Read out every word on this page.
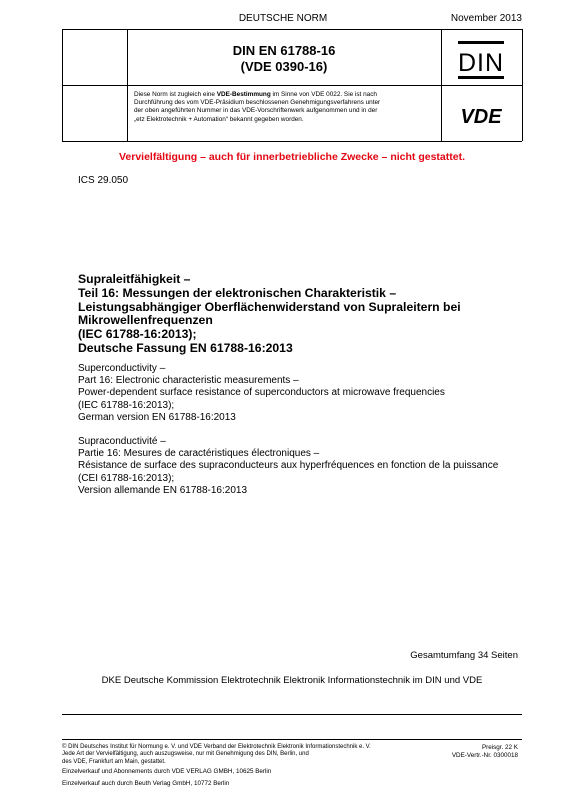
DEUTSCHE NORM	November 2013
DIN EN 61788-16
(VDE 0390-16)	DIN
VDE
Diese Norm ist zugleich eine VDE-Bestimmung im Sinne von VDE 0022. Sie ist nach
Durchführung des vom VDE-Präsidium beschlossenen Genehmigungsverfahrens unter
der oben angeführten Nummer in das VDE-Vorschriftenwerk aufgenommen und in der
„etz Elektrotechnik + Automation“ bekannt gegeben worden.
Vervielfältigung – auch für innerbetriebliche Zwecke – nicht gestattet.
ICS 29.050
Supraleitfähigkeit –
Teil 16: Messungen der elektronischen Charakteristik –
Leistungsabhängiger Oberflächenwiderstand von Supraleitern bei
Mikrowellenfrequenzen
(IEC 61788-16:2013);
Deutsche Fassung EN 61788-16:2013
Superconductivity –
Part 16: Electronic characteristic measurements –
Power-dependent surface resistance of superconductors at microwave frequencies
(IEC 61788-16:2013);
German version EN 61788-16:2013
Supraconductivité –
Partie 16: Mesures de caractéristiques électroniques –
Résistance de surface des supraconducteurs aux hyperfréquences en fonction de la puissance
(CEI 61788-16:2013);
Version allemande EN 61788-16:2013
Gesamtumfang 34 Seiten
DKE Deutsche Kommission Elektrotechnik Elektronik Informationstechnik im DIN und VDE
© DIN Deutsches Institut für Normung e. V. und VDE Verband der Elektrotechnik Elektronik Informationstechnik e. V.
Jede Art der Vervielfältigung, auch auszugsweise, nur mit Genehmigung des DIN, Berlin, und
des VDE, Frankfurt am Main, gestattet.
Preisgr. 22 K
VDE-Vertr.-Nr. 0300018
Einzelverkauf und Abonnements durch VDE VERLAG GMBH, 10625 Berlin
Einzelverkauf auch durch Beuth Verlag GmbH, 10772 Berlin
